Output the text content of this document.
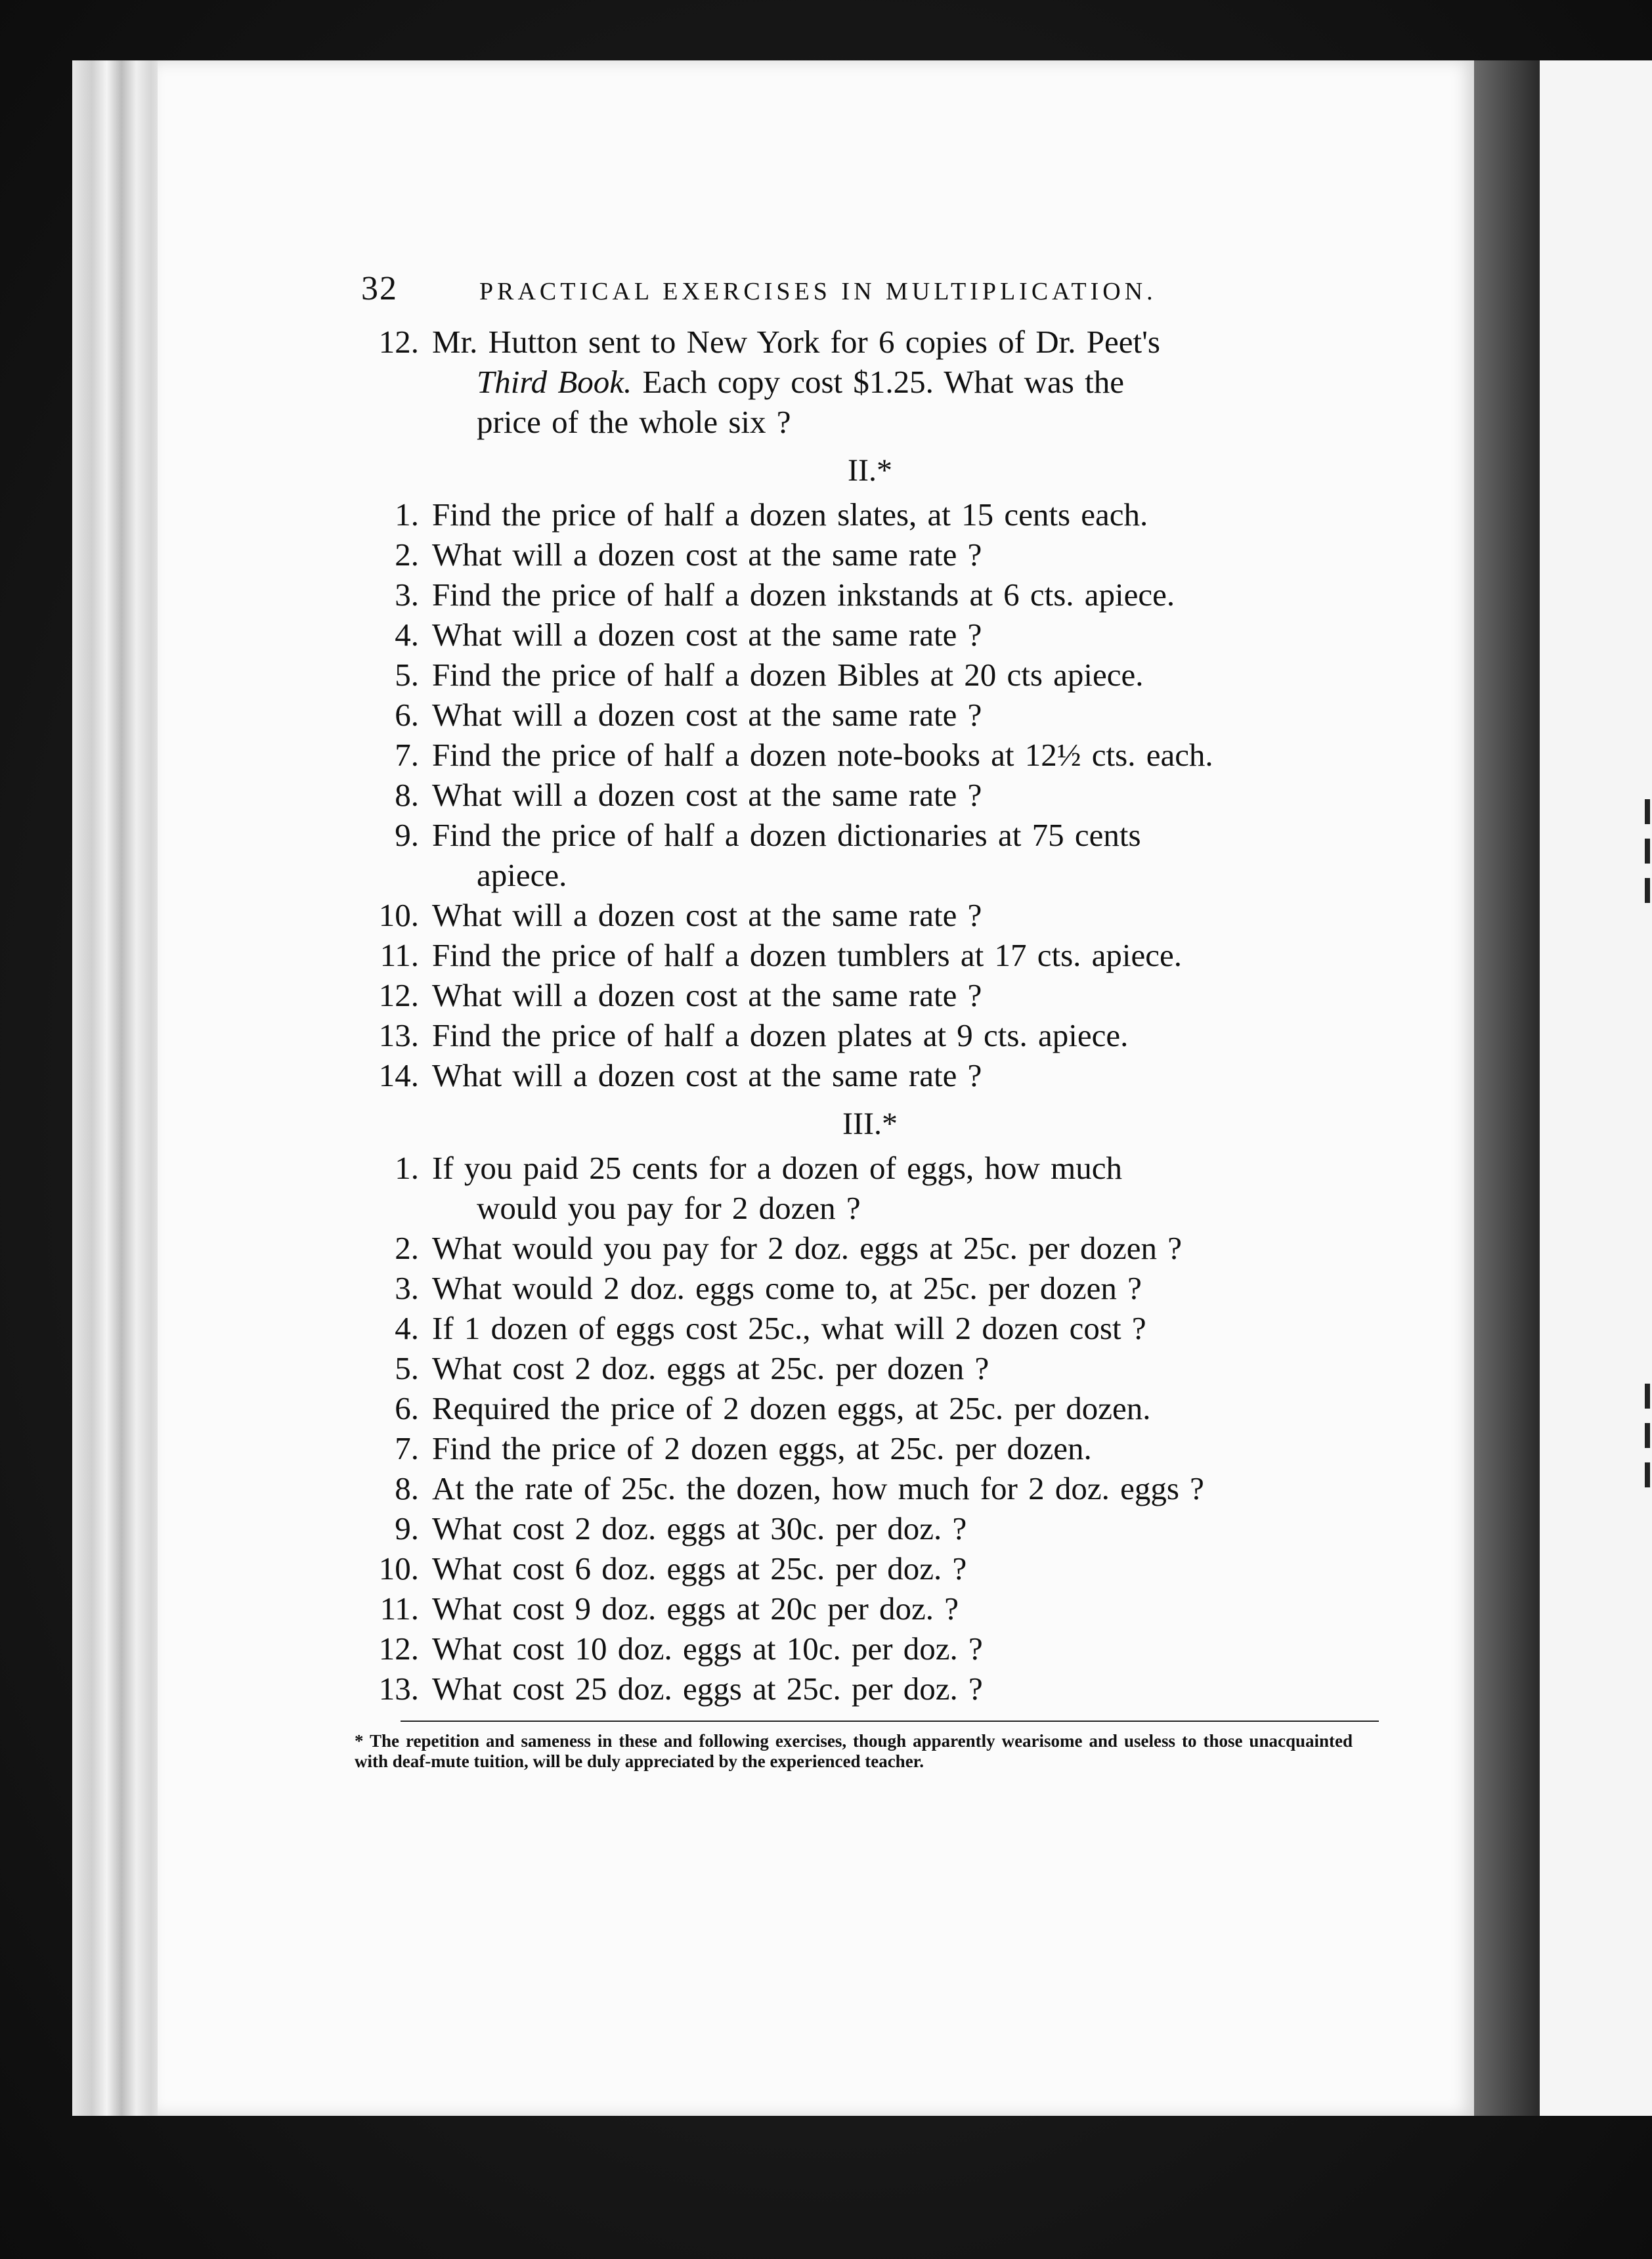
32	PRACTICAL EXERCISES IN MULTIPLICATION.
12. Mr. Hutton sent to New York for 6 copies of Dr. Peet's
Third Book. Each copy cost $1.25. What was the
price of the whole six ?
II.*
1. Find the price of half a dozen slates, at 15 cents each.
2. What will a dozen cost at the same rate ?
3. Find the price of half a dozen inkstands at 6 cts. apiece.
4. What will a dozen cost at the same rate ?
5. Find the price of half a dozen Bibles at 20 cts apiece.
6. What will a dozen cost at the same rate ?
7. Find the price of half a dozen note-books at 12½ cts. each.
8. What will a dozen cost at the same rate ?
9. Find the price of half a dozen dictionaries at 75 cents
apiece.
10. What will a dozen cost at the same rate ?
11. Find the price of half a dozen tumblers at 17 cts. apiece.
12. What will a dozen cost at the same rate ?
13. Find the price of half a dozen plates at 9 cts. apiece.
14. What will a dozen cost at the same rate ?
III.*
1. If you paid 25 cents for a dozen of eggs, how much
would you pay for 2 dozen ?
2. What would you pay for 2 doz. eggs at 25c. per dozen ?
3. What would 2 doz. eggs come to, at 25c. per dozen ?
4. If 1 dozen of eggs cost 25c., what will 2 dozen cost ?
5. What cost 2 doz. eggs at 25c. per dozen ?
6. Required the price of 2 dozen eggs, at 25c. per dozen.
7. Find the price of 2 dozen eggs, at 25c. per dozen.
8. At the rate of 25c. the dozen, how much for 2 doz. eggs ?
9. What cost 2 doz. eggs at 30c. per doz. ?
10. What cost 6 doz. eggs at 25c. per doz. ?
11. What cost 9 doz. eggs at 20c per doz. ?
12. What cost 10 doz. eggs at 10c. per doz. ?
13. What cost 25 doz. eggs at 25c. per doz. ?
* The repetition and sameness in these and following exercises, though apparently wearisome and useless to those unacquainted with deaf-mute tuition, will be duly appreciated by the experienced teacher.
